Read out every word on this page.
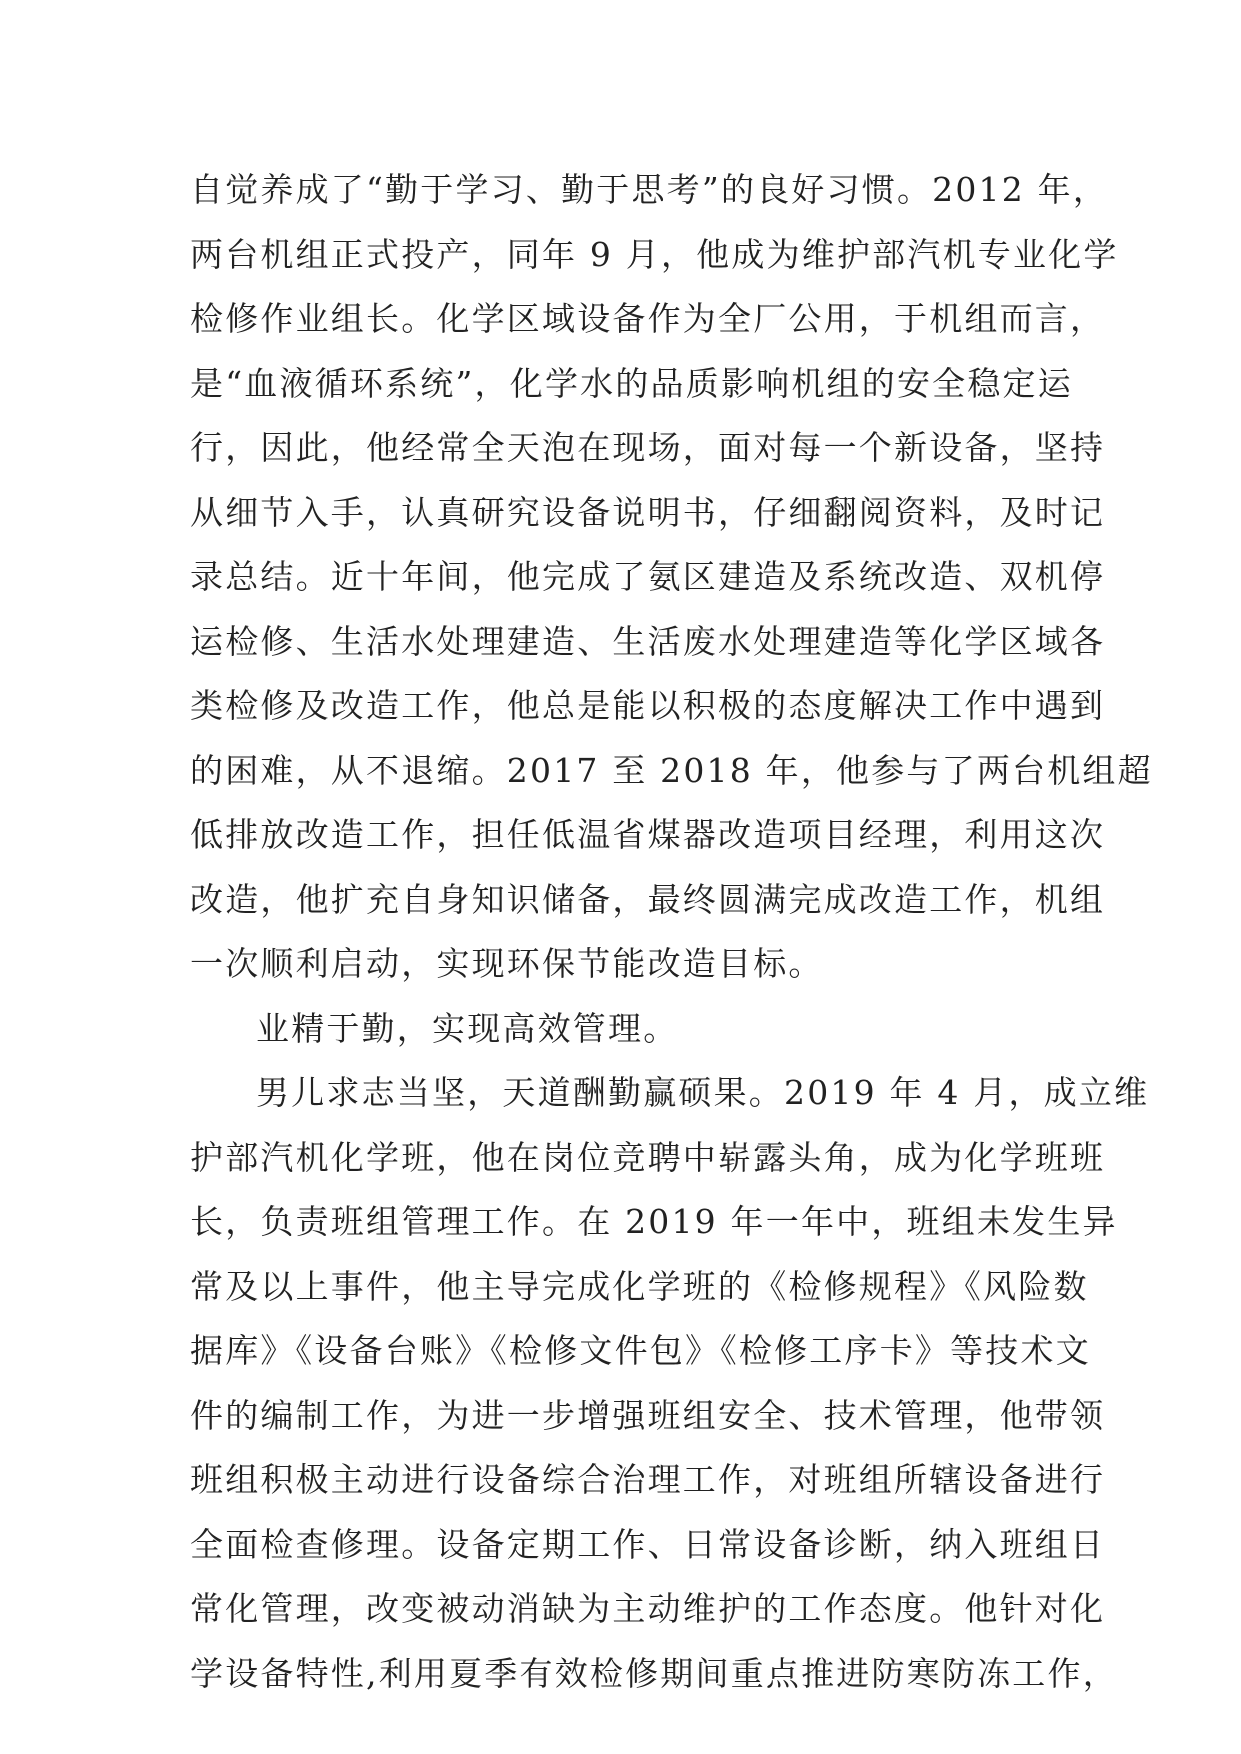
自觉养成了“勤于学习、勤于思考”的良好习惯。2012 年，
两台机组正式投产，同年 9 月，他成为维护部汽机专业化学
检修作业组长。化学区域设备作为全厂公用，于机组而言，
是“血液循环系统”，化学水的品质影响机组的安全稳定运
行，因此，他经常全天泡在现场，面对每一个新设备，坚持
从细节入手，认真研究设备说明书，仔细翻阅资料，及时记
录总结。近十年间，他完成了氨区建造及系统改造、双机停
运检修、生活水处理建造、生活废水处理建造等化学区域各
类检修及改造工作，他总是能以积极的态度解决工作中遇到
的困难，从不退缩。2017 至 2018 年，他参与了两台机组超
低排放改造工作，担任低温省煤器改造项目经理，利用这次
改造，他扩充自身知识储备，最终圆满完成改造工作，机组
一次顺利启动，实现环保节能改造目标。
业精于勤，实现高效管理。
男儿求志当坚，天道酬勤赢硕果。2019 年 4 月，成立维
护部汽机化学班，他在岗位竞聘中崭露头角，成为化学班班
长，负责班组管理工作。在 2019 年一年中，班组未发生异
常及以上事件，他主导完成化学班的《检修规程》《风险数
据库》《设备台账》《检修文件包》《检修工序卡》等技术文
件的编制工作，为进一步增强班组安全、技术管理，他带领
班组积极主动进行设备综合治理工作，对班组所辖设备进行
全面检查修理。设备定期工作、日常设备诊断，纳入班组日
常化管理，改变被动消缺为主动维护的工作态度。他针对化
学设备特性,利用夏季有效检修期间重点推进防寒防冻工作，
